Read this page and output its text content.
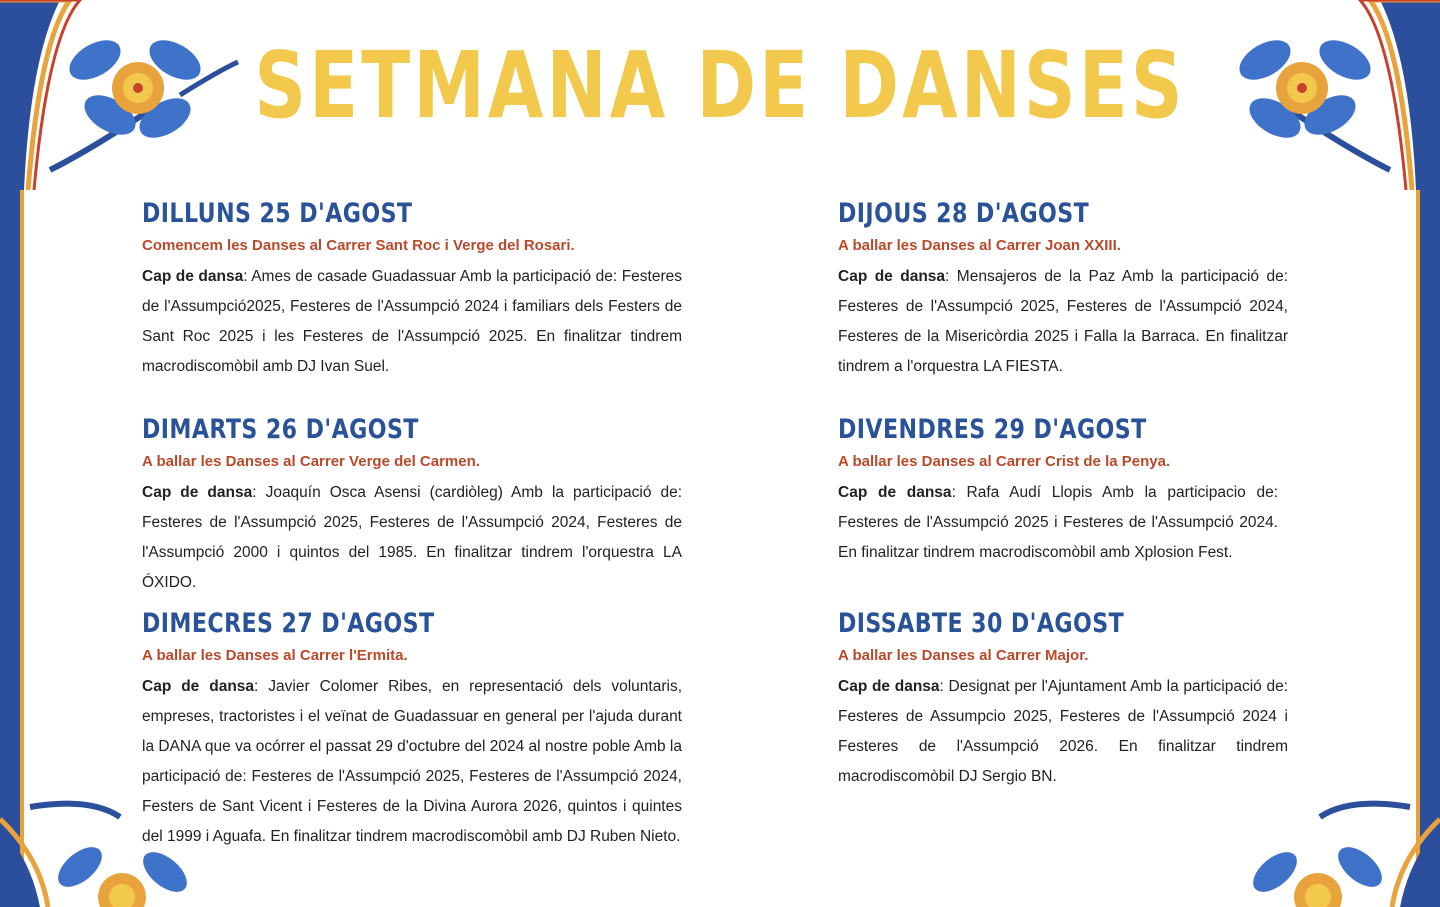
SETMANA DE DANSES
DILLUNS 25 D'AGOST

Comencem les Danses al Carrer Sant Roc i Verge del Rosari.

Cap de dansa: Ames de casade Guadassuar Amb la participació de: Festeres de l'Assumpció2025, Festeres de l'Assumpció 2024 i familiars dels Festers de Sant Roc 2025 i les Festeres de l'Assumpció 2025. En finalitzar tindrem macrodiscomòbil amb DJ Ivan Suel.

DIMARTS 26 D'AGOST

A ballar les Danses al Carrer Verge del Carmen.

Cap de dansa: Joaquín Osca Asensi (cardiòleg) Amb la participació de: Festeres de l'Assumpció 2025, Festeres de l'Assumpció 2024, Festeres de l'Assumpció 2000 i quintos del 1985. En finalitzar tindrem l'orquestra LA ÓXIDO.

DIMECRES 27 D'AGOST

A ballar les Danses al Carrer l'Ermita.

Cap de dansa: Javier Colomer Ribes, en representació dels voluntaris, empreses, tractoristes i el veïnat de Guadassuar en general per l'ajuda durant la DANA que va ocórrer el passat 29 d'octubre del 2024 al nostre poble Amb la participació de: Festeres de l'Assumpció 2025, Festeres de l'Assumpció 2024, Festers de Sant Vicent i Festeres de la Divina Aurora 2026, quintos i quintes del 1999 i Aguafa. En finalitzar tindrem macrodiscomòbil amb DJ Ruben Nieto.

DIJOUS 28 D'AGOST

A ballar les Danses al Carrer Joan XXIII.

Cap de dansa: Mensajeros de la Paz Amb la participació de: Festeres de l'Assumpció 2025, Festeres de l'Assumpció 2024, Festeres de la Misericòrdia 2025 i Falla la Barraca. En finalitzar tindrem a l'orquestra LA FIESTA.

DIVENDRES 29 D'AGOST

A ballar les Danses al Carrer Crist de la Penya.

Cap de dansa: Rafa Audí Llopis Amb la participacio de: Festeres de l'Assumpció 2025 i Festeres de l'Assumpció 2024. En finalitzar tindrem macrodiscomòbil amb Xplosion Fest.

DISSABTE 30 D'AGOST

A ballar les Danses al Carrer Major.

Cap de dansa: Designat per l'Ajuntament Amb la participació de: Festeres de Assumpcio 2025, Festeres de l'Assumpció 2024 i Festeres de l'Assumpció 2026. En finalitzar tindrem macrodiscomòbil DJ Sergio BN.
